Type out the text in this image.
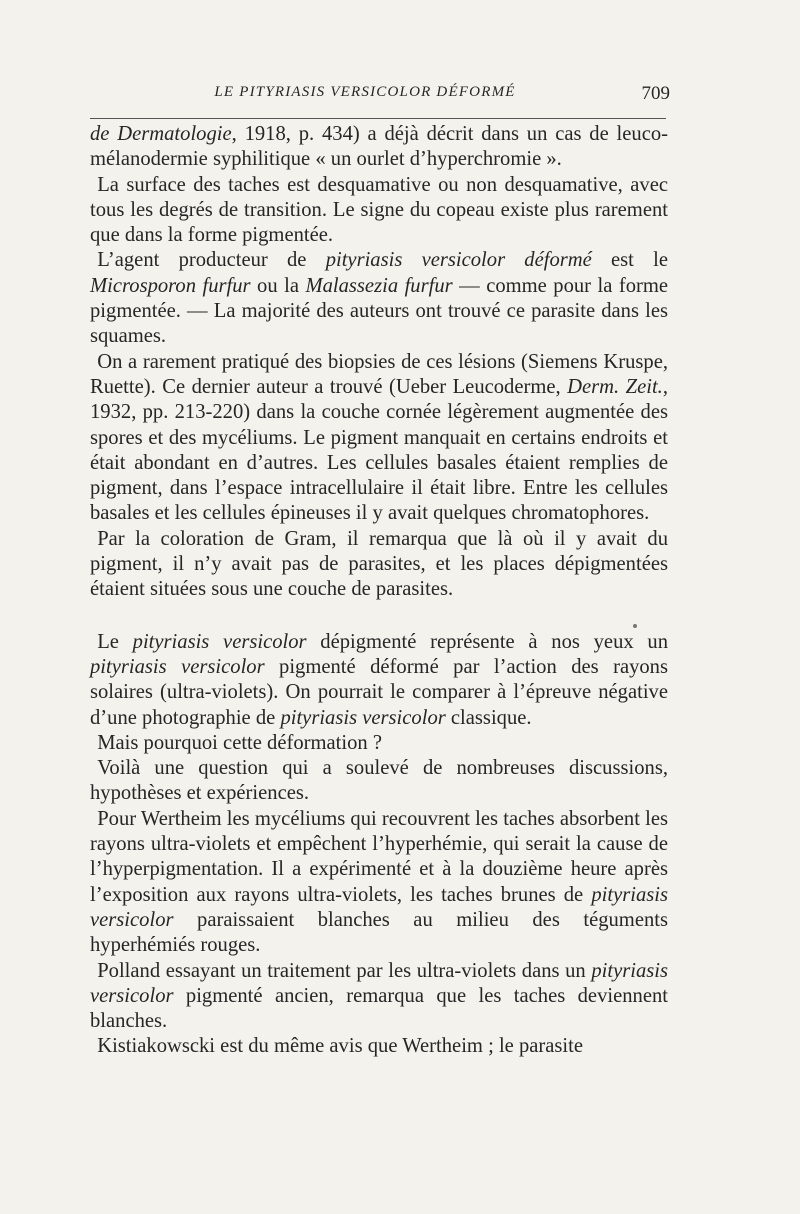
LE PITYRIASIS VERSICOLOR DÉFORMÉ	709

de Dermatologie, 1918, p. 434) a déjà décrit dans un cas de leucomélanodermie syphilitique « un ourlet d’hyperchromie ».

La surface des taches est desquamative ou non desquamative, avec tous les degrés de transition. Le signe du copeau existe plus rarement que dans la forme pigmentée.

L’agent producteur de pityriasis versicolor déformé est le Microsporon furfur ou la Malassezia furfur — comme pour la forme pigmentée. — La majorité des auteurs ont trouvé ce parasite dans les squames.

On a rarement pratiqué des biopsies de ces lésions (Siemens Kruspe, Ruette). Ce dernier auteur a trouvé (Ueber Leucoderme, Derm. Zeit., 1932, pp. 213-220) dans la couche cornée légèrement augmentée des spores et des mycéliums. Le pigment manquait en certains endroits et était abondant en d’autres. Les cellules basales étaient remplies de pigment, dans l’espace intracellulaire il était libre. Entre les cellules basales et les cellules épineuses il y avait quelques chromatophores.

Par la coloration de Gram, il remarqua que là où il y avait du pigment, il n’y avait pas de parasites, et les places dépigmentées étaient situées sous une couche de parasites.

Le pityriasis versicolor dépigmenté représente à nos yeux un pityriasis versicolor pigmenté déformé par l’action des rayons solaires (ultra-violets). On pourrait le comparer à l’épreuve négative d’une photographie de pityriasis versicolor classique.

Mais pourquoi cette déformation ?

Voilà une question qui a soulevé de nombreuses discussions, hypothèses et expériences.

Pour Wertheim les mycéliums qui recouvrent les taches absorbent les rayons ultra-violets et empêchent l’hyperhémie, qui serait la cause de l’hyperpigmentation. Il a expérimenté et à la douzième heure après l’exposition aux rayons ultra-violets, les taches brunes de pityriasis versicolor paraissaient blanches au milieu des téguments hyperhémiés rouges.

Polland essayant un traitement par les ultra-violets dans un pityriasis versicolor pigmenté ancien, remarqua que les taches deviennent blanches.

Kistiakowscki est du même avis que Wertheim ; le parasite
